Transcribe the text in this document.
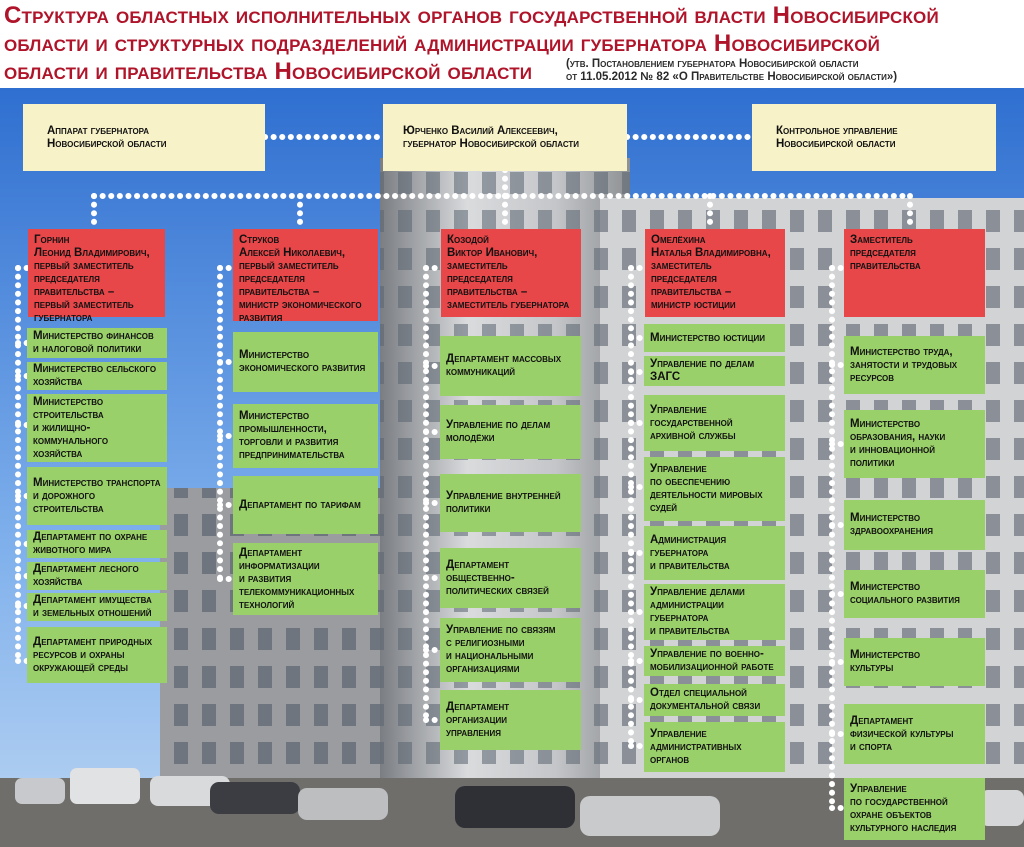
Структура областных исполнительных органов государственной власти Новосибирской
области и структурных подразделений администрации губернатора Новосибирской
области и правительства Новосибирской области	(утв. Постановлением губернатора Новосибирской области
от 11.05.2012 № 82 «О Правительстве Новосибирской области»)
Аппарат губернатора
Новосибирской области
Юрченко Василий Алексеевич,
губернатор Новосибирской области
Контрольное управление
Новосибирской области
Горнин
Леонид Владимирович,
первый заместитель
председателя
правительства –
первый заместитель
губернатора
Министерство финансов
и налоговой политики
Министерство сельского
хозяйства
Министерство
строительства
и жилищно-
коммунального
хозяйства
Министерство транспорта
и дорожного
строительства
Департамент по охране
животного мира
Департамент лесного
хозяйства
Департамент имущества
и земельных отношений
Департамент природных
ресурсов и охраны
окружающей среды
Струков
Алексей Николаевич,
первый заместитель
председателя
правительства –
министр экономического
развития
Министерство
экономического развития
Министерство
промышленности,
торговли и развития
предпринимательства
Департамент по тарифам
Департамент
информатизации
и развития
телекоммуникационных
технологий
Козодой
Виктор Иванович,
заместитель
председателя
правительства –
заместитель губернатора
Департамент массовых
коммуникаций
Управление по делам
молодёжи
Управление внутренней
политики
Департамент
общественно-
политических связей
Управление по связям
с религиозными
и национальными
организациями
Департамент
организации
управления
Омелёхина
Наталья Владимировна,
заместитель
председателя
правительства –
министр юстиции
Министерство юстиции
Управление по делам
ЗАГС
Управление
государственной
архивной службы
Управление
по обеспечению
деятельности мировых
судей
Администрация
губернатора
и правительства
Управление делами
администрации
губернатора
и правительства
Управление по военно-
мобилизационной работе
Отдел специальной
документальной связи
Управление
административных
органов
Заместитель
председателя
правительства
Министерство труда,
занятости и трудовых
ресурсов
Министерство
образования, науки
и инновационной
политики
Министерство
здравоохранения
Министерство
социального развития
Министерство
культуры
Департамент
физической культуры
и спорта
Управление
по государственной
охране объектов
культурного наследия
